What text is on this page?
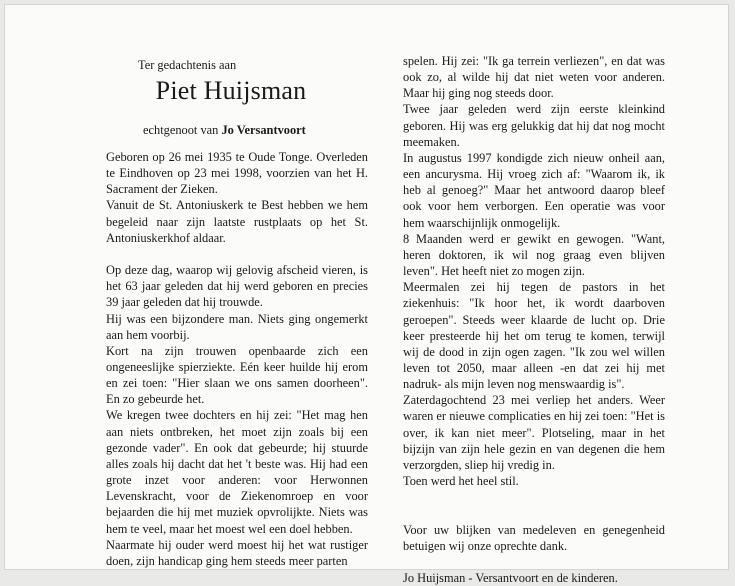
Ter gedachtenis aan
Piet Huijsman
echtgenoot van Jo Versantvoort

Geboren op 26 mei 1935 te Oude Tonge. Overleden te Eindhoven op 23 mei 1998, voorzien van het H. Sacrament der Zieken.

Vanuit de St. Antoniuskerk te Best hebben we hem begeleid naar zijn laatste rustplaats op het St. Antoniuskerkhof aldaar.

Op deze dag, waarop wij gelovig afscheid vieren, is het 63 jaar geleden dat hij werd geboren en precies 39 jaar geleden dat hij trouwde.

Hij was een bijzondere man. Niets ging ongemerkt aan hem voorbij.

Kort na zijn trouwen openbaarde zich een ongeneeslijke spierziekte. Eén keer huilde hij erom en zei toen: "Hier slaan we ons samen doorheen". En zo gebeurde het.

We kregen twee dochters en hij zei: "Het mag hen aan niets ontbreken, het moet zijn zoals bij een gezonde vader". En ook dat gebeurde; hij stuurde alles zoals hij dacht dat het 't beste was. Hij had een grote inzet voor anderen: voor Herwonnen Levenskracht, voor de Ziekenomroep en voor bejaarden die hij met muziek opvrolijkte. Niets was hem te veel, maar het moest wel een doel hebben.

Naarmate hij ouder werd moest hij het wat rustiger doen, zijn handicap ging hem steeds meer parten

spelen. Hij zei: "Ik ga terrein verliezen", en dat was ook zo, al wilde hij dat niet weten voor anderen. Maar hij ging nog steeds door.

Twee jaar geleden werd zijn eerste kleinkind geboren. Hij was erg gelukkig dat hij dat nog mocht meemaken.

In augustus 1997 kondigde zich nieuw onheil aan, een ancurysma. Hij vroeg zich af: "Waarom ik, ik heb al genoeg?" Maar het antwoord daarop bleef ook voor hem verborgen. Een operatie was voor hem waarschijnlijk onmogelijk.

8 Maanden werd er gewikt en gewogen. "Want, heren doktoren, ik wil nog graag even blijven leven". Het heeft niet zo mogen zijn.

Meermalen zei hij tegen de pastors in het ziekenhuis: "Ik hoor het, ik wordt daarboven geroepen". Steeds weer klaarde de lucht op. Drie keer presteerde hij het om terug te komen, terwijl wij de dood in zijn ogen zagen. "Ik zou wel willen leven tot 2050, maar alleen -en dat zei hij met nadruk- als mijn leven nog menswaardig is".

Zaterdagochtend 23 mei verliep het anders. Weer waren er nieuwe complicaties en hij zei toen: "Het is over, ik kan niet meer". Plotseling, maar in het bijzijn van zijn hele gezin en van degenen die hem verzorgden, sliep hij vredig in.

Toen werd het heel stil.

Voor uw blijken van medeleven en genegenheid betuigen wij onze oprechte dank.

Jo Huijsman - Versantvoort en de kinderen.
